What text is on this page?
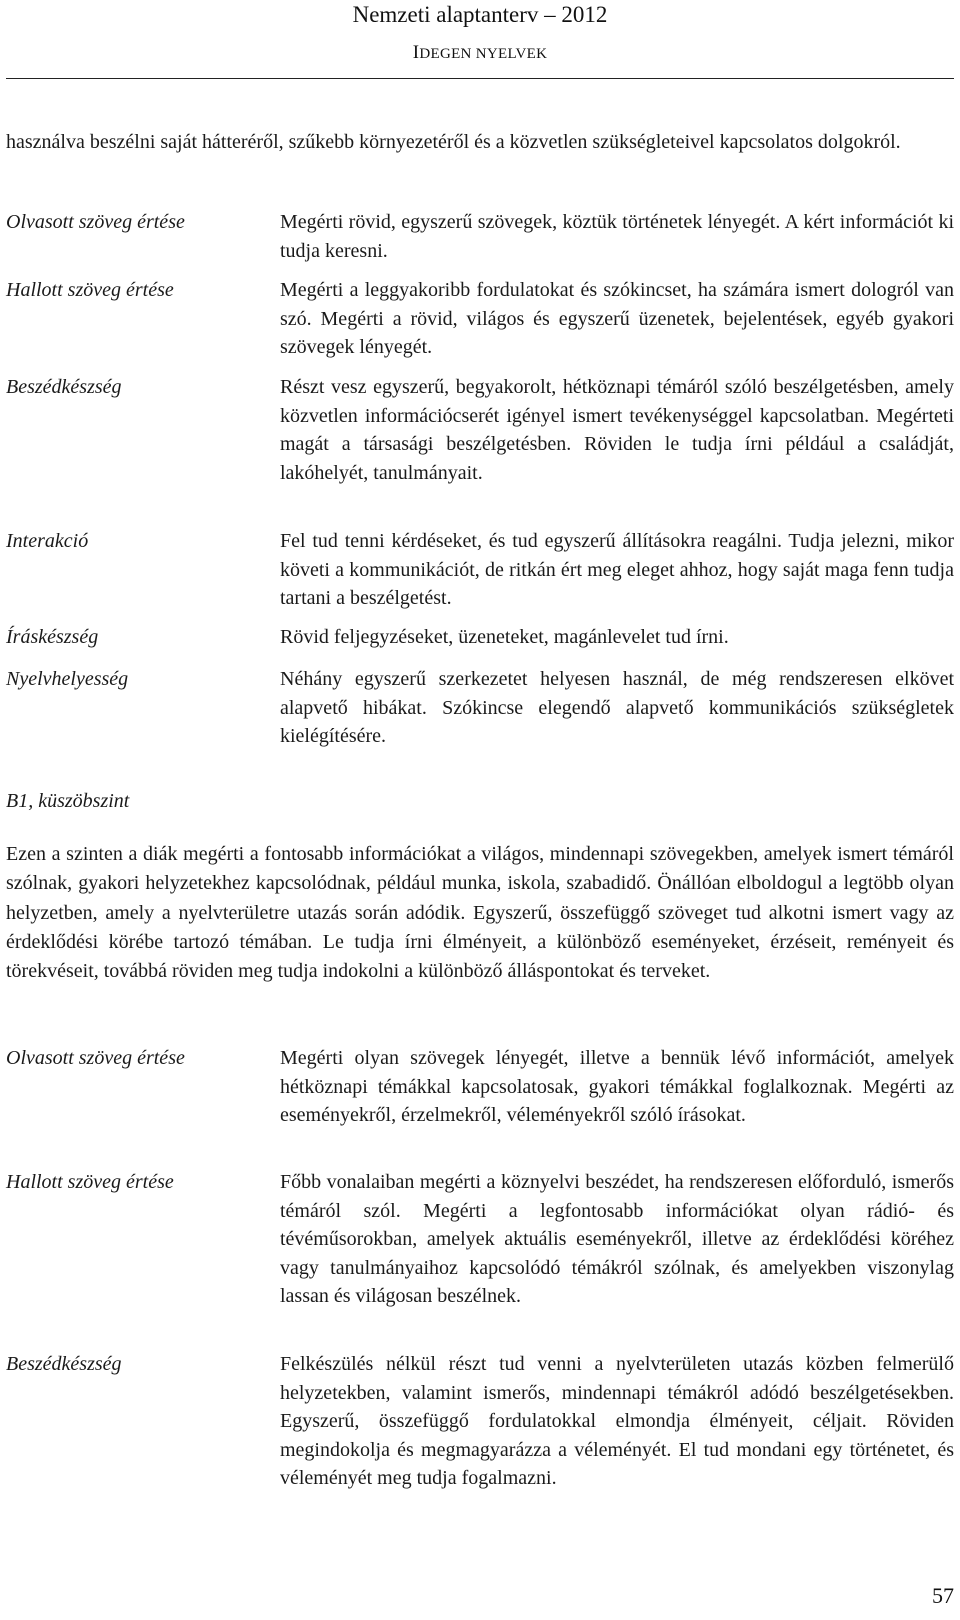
Nemzeti alaptanterv – 2012
IDEGEN NYELVEK
használva beszélni saját hátteréről, szűkebb környezetéről és a közvetlen szükségleteivel kapcsolatos dolgokról.
Olvasott szöveg értése	Megérti rövid, egyszerű szövegek, köztük történetek lényegét. A kért információt ki tudja keresni.
Hallott szöveg értése	Megérti a leggyakoribb fordulatokat és szókincset, ha számára ismert dologról van szó. Megérti a rövid, világos és egyszerű üzenetek, bejelentések, egyéb gyakori szövegek lényegét.
Beszédkészség	Részt vesz egyszerű, begyakorolt, hétköznapi témáról szóló beszélgetésben, amely közvetlen információcserét igényel ismert tevékenységgel kapcsolatban. Megérteti magát a társasági beszélgetésben. Röviden le tudja írni például a családját, lakóhelyét, tanulmányait.
Interakció	Fel tud tenni kérdéseket, és tud egyszerű állításokra reagálni. Tudja jelezni, mikor követi a kommunikációt, de ritkán ért meg eleget ahhoz, hogy saját maga fenn tudja tartani a beszélgetést.
Íráskészség	Rövid feljegyzéseket, üzeneteket, magánlevelet tud írni.
Nyelvhelyesség	Néhány egyszerű szerkezetet helyesen használ, de még rendszeresen elkövet alapvető hibákat. Szókincse elegendő alapvető kommunikációs szükségletek kielégítésére.
B1, küszöbszint
Ezen a szinten a diák megérti a fontosabb információkat a világos, mindennapi szövegekben, amelyek ismert témáról szólnak, gyakori helyzetekhez kapcsolódnak, például munka, iskola, szabadidő. Önállóan elboldogul a legtöbb olyan helyzetben, amely a nyelvterületre utazás során adódik. Egyszerű, összefüggő szöveget tud alkotni ismert vagy az érdeklődési körébe tartozó témában. Le tudja írni élményeit, a különböző eseményeket, érzéseit, reményeit és törekvéseit, továbbá röviden meg tudja indokolni a különböző álláspontokat és terveket.
Olvasott szöveg értése	Megérti olyan szövegek lényegét, illetve a bennük lévő információt, amelyek hétköznapi témákkal kapcsolatosak, gyakori témákkal foglalkoznak. Megérti az eseményekről, érzelmekről, véleményekről szóló írásokat.
Hallott szöveg értése	Főbb vonalaiban megérti a köznyelvi beszédet, ha rendszeresen előforduló, ismerős témáról szól. Megérti a legfontosabb információkat olyan rádió- és tévéműsorokban, amelyek aktuális eseményekről, illetve az érdeklődési köréhez vagy tanulmányaihoz kapcsolódó témákról szólnak, és amelyekben viszonylag lassan és világosan beszélnek.
Beszédkészség	Felkészülés nélkül részt tud venni a nyelvterületen utazás közben felmerülő helyzetekben, valamint ismerős, mindennapi témákról adódó beszélgetésekben. Egyszerű, összefüggő fordulatokkal elmondja élményeit, céljait. Röviden megindokolja és megmagyarázza a véleményét. El tud mondani egy történetet, és véleményét meg tudja fogalmazni.
57
